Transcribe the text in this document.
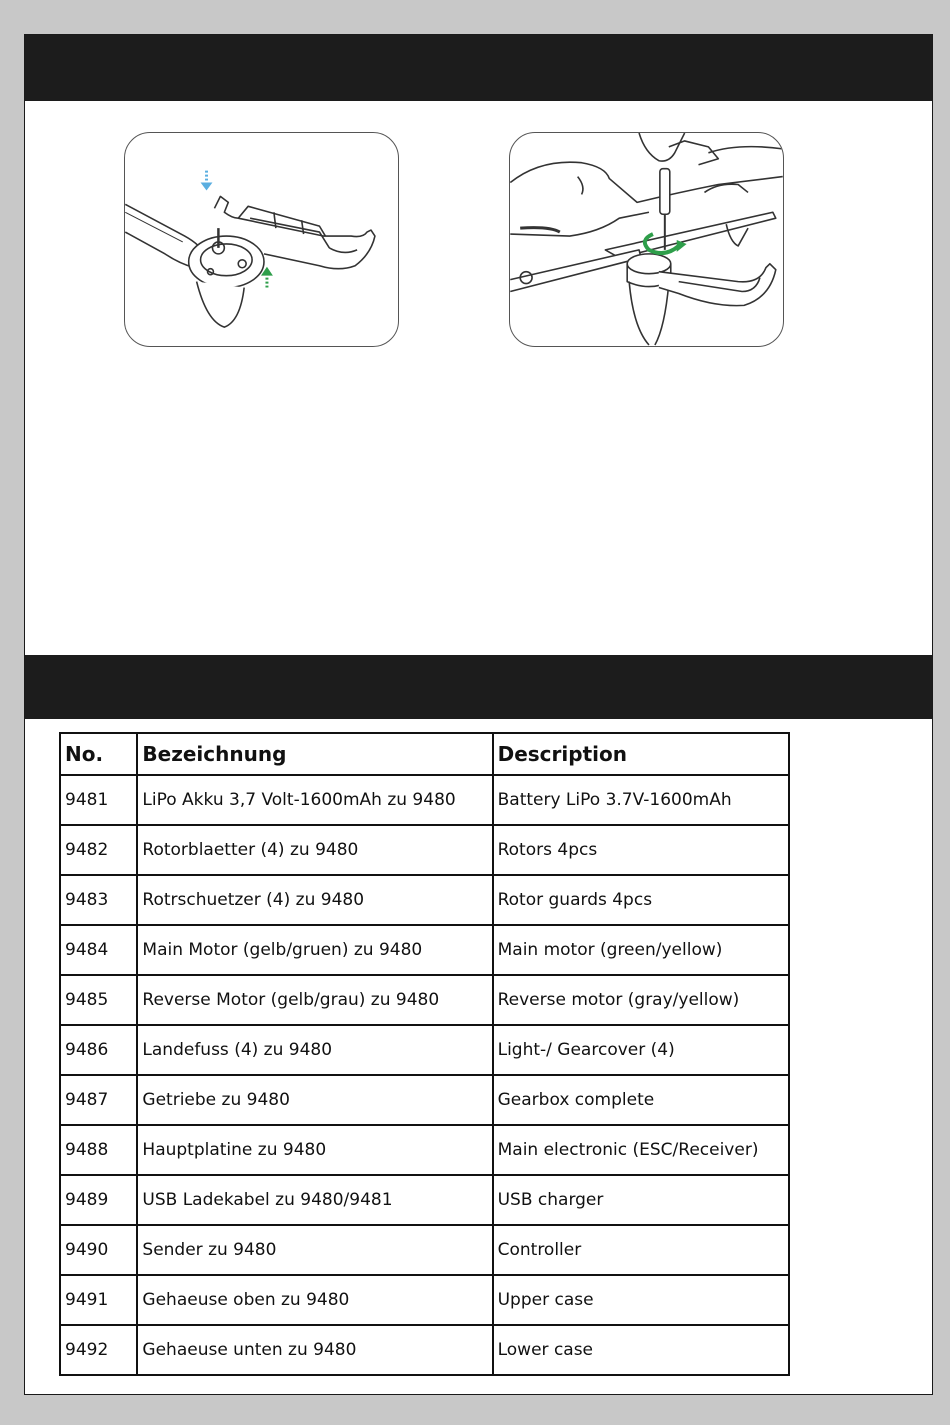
No.	Bezeichnung	Description
9481	LiPo Akku 3,7 Volt-1600mAh zu 9480	Battery LiPo 3.7V-1600mAh
9482	Rotorblaetter (4) zu 9480	Rotors 4pcs
9483	Rotrschuetzer (4) zu 9480	Rotor guards 4pcs
9484	Main Motor (gelb/gruen) zu 9480	Main motor (green/yellow)
9485	Reverse Motor (gelb/grau) zu 9480	Reverse motor (gray/yellow)
9486	Landefuss (4) zu 9480	Light-/ Gearcover (4)
9487	Getriebe zu 9480	Gearbox complete
9488	Hauptplatine zu 9480	Main electronic (ESC/Receiver)
9489	USB Ladekabel zu 9480/9481	USB charger
9490	Sender zu 9480	Controller
9491	Gehaeuse oben zu 9480	Upper case
9492	Gehaeuse unten zu 9480	Lower case
